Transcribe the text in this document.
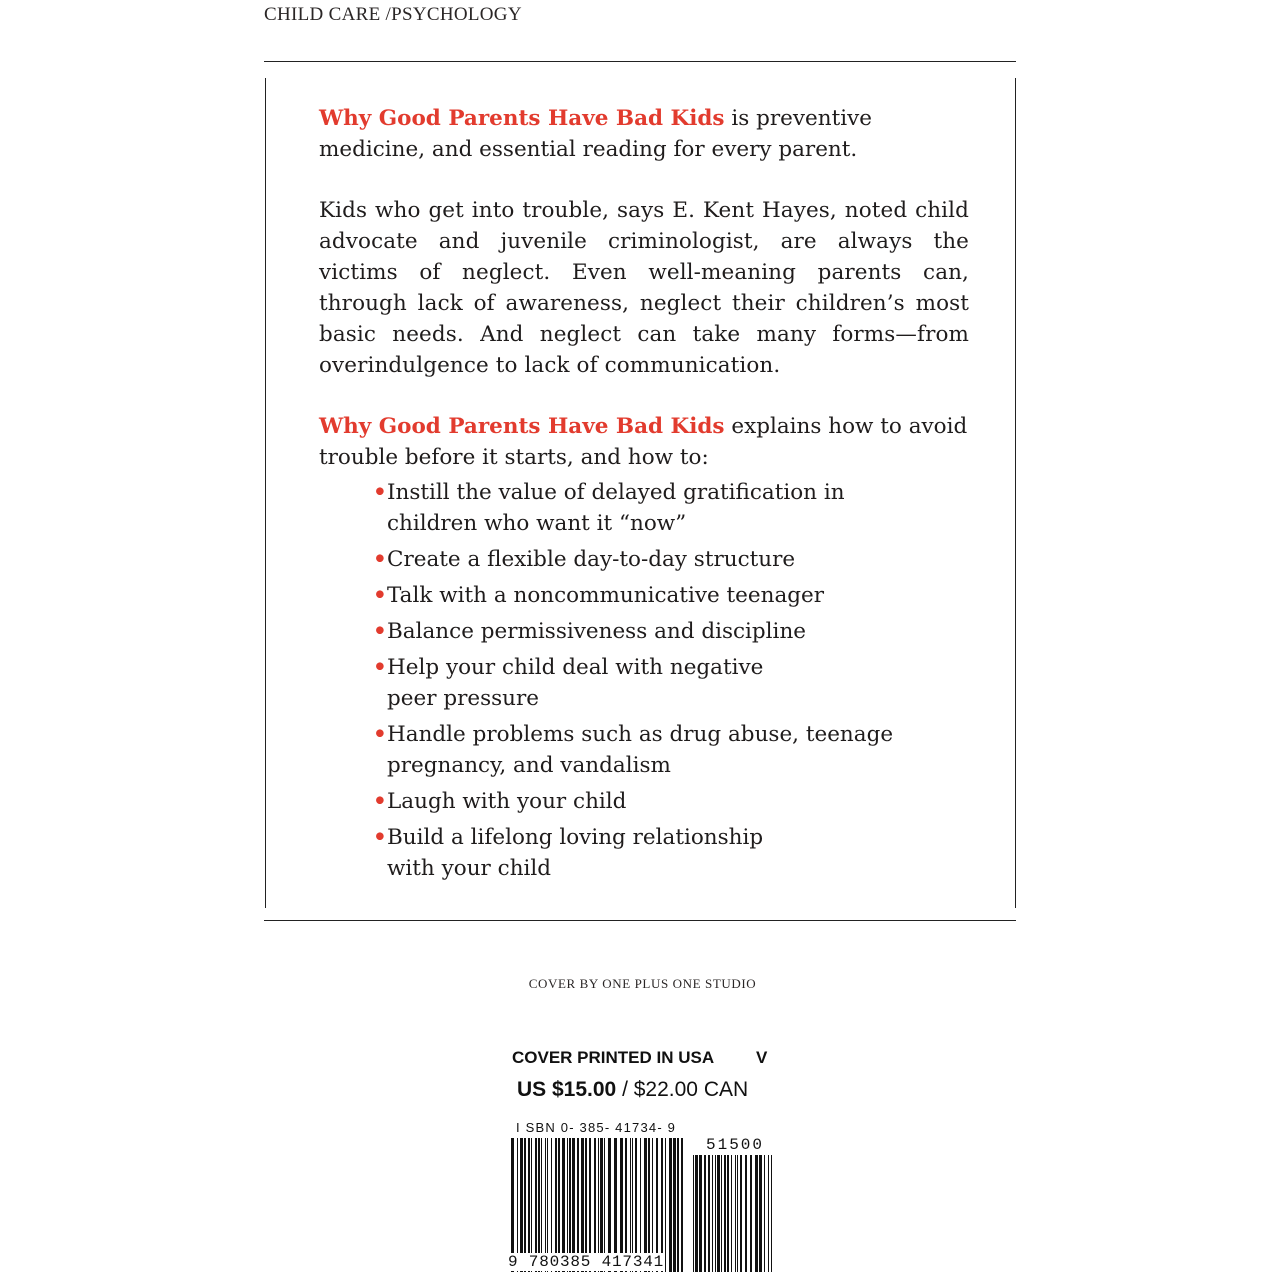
CHILD CARE /PSYCHOLOGY

Why Good Parents Have Bad Kids is preventive medicine, and essential reading for every parent.

Kids who get into trouble, says E. Kent Hayes, noted child advocate and juvenile criminologist, are always the victims of neglect. Even well-meaning parents can, through lack of awareness, neglect their children’s most basic needs. And neglect can take many forms—from overindulgence to lack of communication.

Why Good Parents Have Bad Kids explains how to avoid trouble before it starts, and how to:

• Instill the value of delayed gratification in children who want it “now”
• Create a flexible day-to-day structure
• Talk with a noncommunicative teenager
• Balance permissiveness and discipline
• Help your child deal with negative peer pressure
• Handle problems such as drug abuse, teenage pregnancy, and vandalism
• Laugh with your child
• Build a lifelong loving relationship with your child
COVER BY ONE PLUS ONE STUDIO
COVER PRINTED IN USA V
US $15.00 / $22.00 CAN
I SBN 0- 385- 41734- 9
51500
9 780385 417341
